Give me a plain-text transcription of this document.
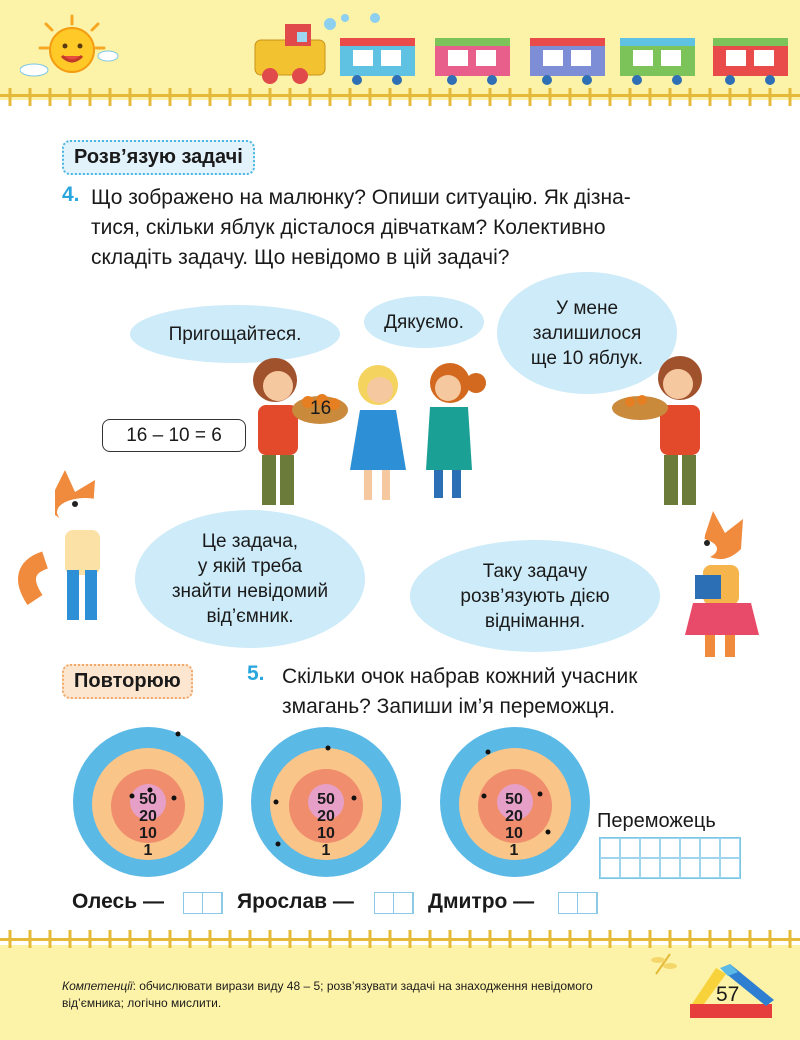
Розв’язую задачі
4. Що зображено на малюнку? Опиши ситуацію. Як дізна-
тися, скільки яблук дісталося дівчаткам? Колективно
складіть задачу. Що невідомо в цій задачі?
Пригощайтеся.
Дякуємо.
У мене
залишилося
ще 10 яблук.
16
16 – 10 = 6
Це задача,
у якій треба
знайти невідомий
від’ємник.
Таку задачу
розв’язують дією
віднімання.
Повторюю	5. Скільки очок набрав кожний учасник
змагань? Запиши ім’я переможця.
50
20
10
1
50
20
10
1
50
20
10
1
Переможець
Олесь —	Ярослав —	Дмитро —
Компетенції: обчислювати вирази виду 48 – 5; розв’язувати задачі на знаходження невідомого від’ємника; логічно мислити.	57
